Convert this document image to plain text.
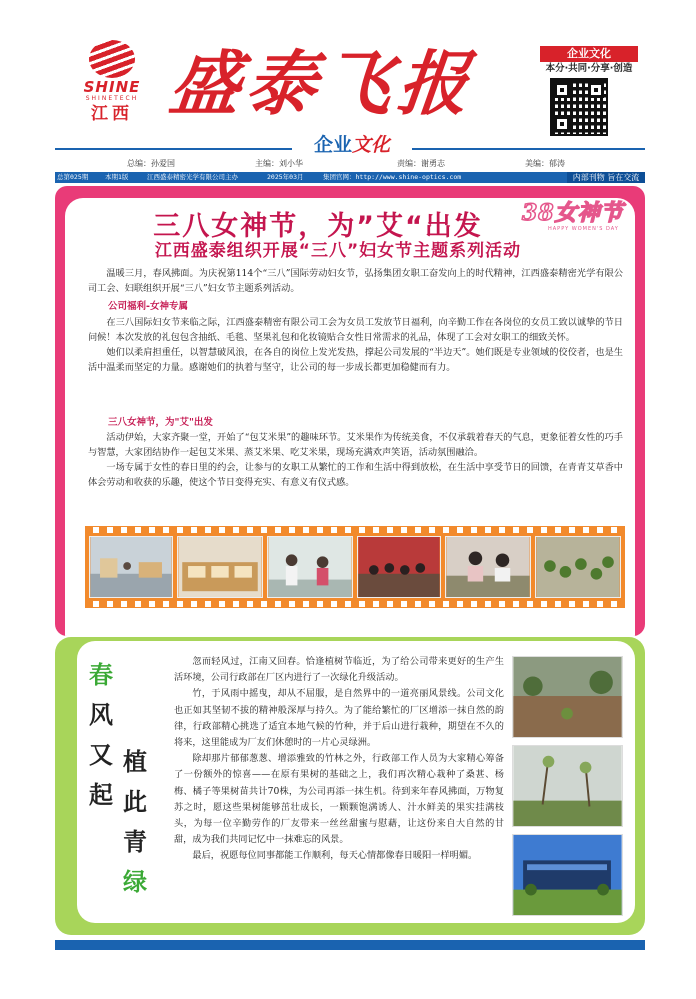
SHINE
SHINETECH
江西 盛泰飞报	企业文化
本分·共同·分享·创造
企业文化
总编：孙爱国	主编：刘小华	责编：谢勇志	美编：郁涛
总第025期	本期1版	江西盛泰精密光学有限公司主办	2025年03月	集团官网：http://www.shine-optics.com	内部刊物 旨在交流
38女神节
HAPPY WOMEN'S DAY
三八女神节，为”艾“出发
江西盛泰组织开展“三八”妇女节主题系列活动

温暖三月，春风拂面。为庆祝第114个“三八”国际劳动妇女节，弘扬集团女职工奋发向上的时代精神，江西盛泰精密光学有限公司工会、妇联组织开展“三八”妇女节主题系列活动。

公司福利-女神专属

在三八国际妇女节来临之际，江西盛泰精密有限公司工会为女员工发放节日福利，向辛勤工作在各岗位的女员工致以诚挚的节日问候！本次发放的礼包包含抽纸、毛毯、坚果礼包和化妆镜贴合女性日常需求的礼品，体现了工会对女职工的细致关怀。

她们以柔肩担重任，以智慧破风浪，在各自的岗位上发光发热，撑起公司发展的“半边天”。她们既是专业领域的佼佼者，也是生活中温柔而坚定的力量。感谢她们的执着与坚守，让公司的每一步成长都更加稳健而有力。

三八女神节，为"艾"出发

活动伊始，大家齐聚一堂，开始了“包艾米果”的趣味环节。艾米果作为传统美食，不仅承载着春天的气息，更象征着女性的巧手与智慧，大家团结协作一起包艾米果、蒸艾米果、吃艾米果，现场充满欢声笑语，活动氛围融洽。

一场专属于女性的春日里的约会，让参与的女职工从繁忙的工作和生活中得到放松，在生活中享受节日的回馈，在青青艾草香中体会劳动和收获的乐趣，使这个节日变得充实、有意义有仪式感。

春
风
又
起
植
此
青
绿

忽而轻风过，江南又回春。恰逢植树节临近，为了给公司带来更好的生产生活环境，公司行政部在厂区内进行了一次绿化升级活动。

竹，于风雨中摇曳，却从不屈服，是自然界中的一道亮丽风景线。公司文化也正如其坚韧不拔的精神般深厚与持久。为了能给繁忙的厂区增添一抹自然的韵律，行政部精心挑选了适宜本地气候的竹种，并于后山进行栽种，期望在不久的将来，这里能成为厂友们休憩时的一片心灵绿洲。

除却那片郁郁葱葱、增添雅致的竹林之外，行政部工作人员为大家精心筹备了一份额外的惊喜——在原有果树的基础之上，我们再次精心栽种了桑葚、杨梅、橘子等果树苗共计70株，为公司再添一抹生机。待到来年春风拂面，万物复苏之时，愿这些果树能够茁壮成长，一颗颗饱满诱人、汁水鲜美的果实挂满枝头，为每一位辛勤劳作的厂友带来一丝丝甜蜜与慰藉，让这份来自大自然的甘甜，成为我们共同记忆中一抹难忘的风景。

最后，祝愿每位同事都能工作顺利，每天心情都像春日暖阳一样明媚。
